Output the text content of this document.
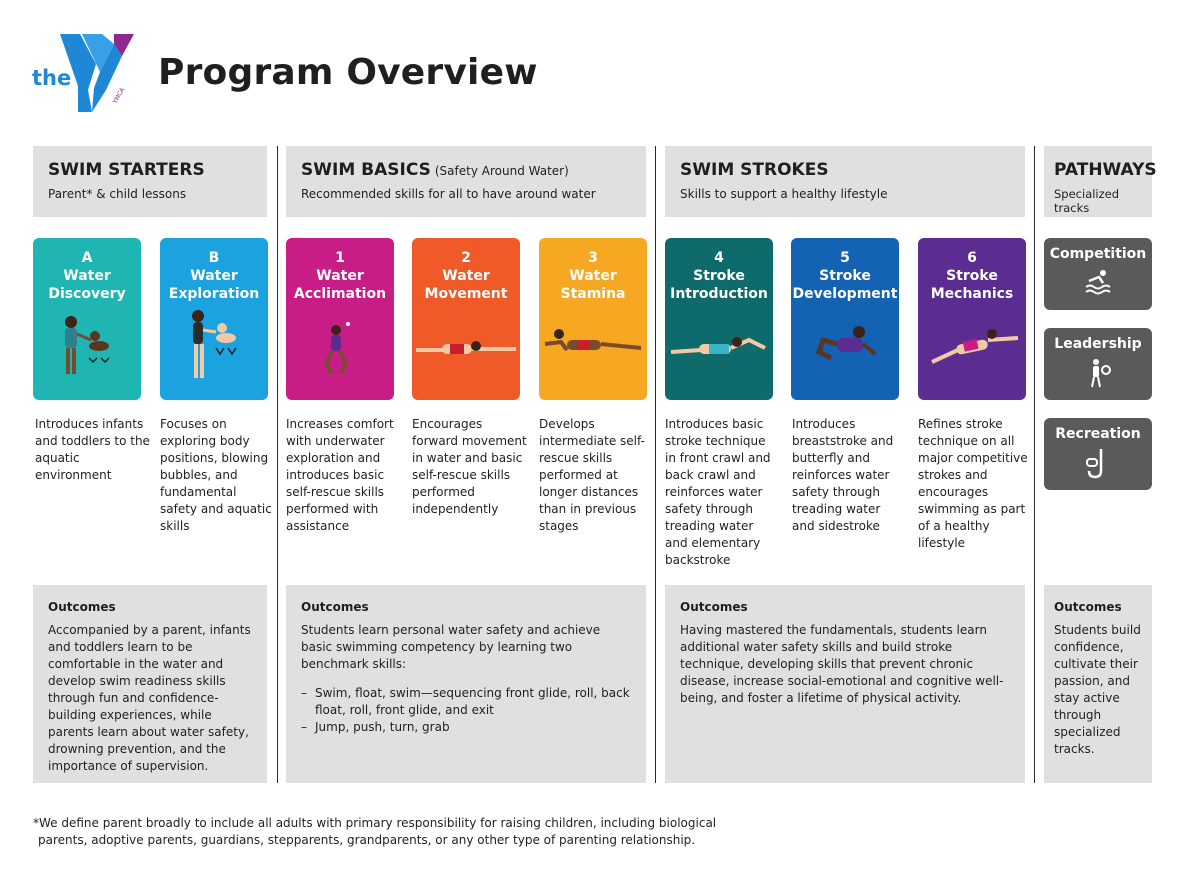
the
YMCA
Program Overview
SWIM STARTERS
Parent* & child lessons
SWIM BASICS (Safety Around Water)
Recommended skills for all to have around water
SWIM STROKES
Skills to support a healthy lifestyle
PATHWAYS
Specialized tracks
A
Water
Discovery
B
Water
Exploration
1
Water
Acclimation
2
Water
Movement
3
Water
Stamina
4
Stroke
Introduction
5
Stroke
Development
6
Stroke
Mechanics
Introduces infants and toddlers to the aquatic environment
Focuses on exploring body positions, blowing bubbles, and fundamental safety and aquatic skills
Increases comfort with underwater exploration and introduces basic self-rescue skills performed with assistance
Encourages forward movement in water and basic self-rescue skills performed independently
Develops intermediate self-rescue skills performed at longer distances than in previous stages
Introduces basic stroke technique in front crawl and back crawl and reinforces water safety through treading water and elementary backstroke
Introduces breaststroke and butterfly and reinforces water safety through treading water and sidestroke
Refines stroke technique on all major competitive strokes and encourages swimming as part of a healthy lifestyle
Competition
Leadership
Recreation
Outcomes
Accompanied by a parent, infants and toddlers learn to be comfortable in the water and develop swim readiness skills through fun and confidence-building experiences, while parents learn about water safety, drowning prevention, and the importance of supervision.
Outcomes
Students learn personal water safety and achieve basic swimming competency by learning two benchmark skills:
– Swim, float, swim—sequencing front glide, roll, back float, roll, front glide, and exit
– Jump, push, turn, grab
Outcomes
Having mastered the fundamentals, students learn additional water safety skills and build stroke technique, developing skills that prevent chronic disease, increase social-emotional and cognitive well-being, and foster a lifetime of physical activity.
Outcomes
Students build confidence, cultivate their passion, and stay active through specialized tracks.
*We define parent broadly to include all adults with primary responsibility for raising children, including biological
parents, adoptive parents, guardians, stepparents, grandparents, or any other type of parenting relationship.
